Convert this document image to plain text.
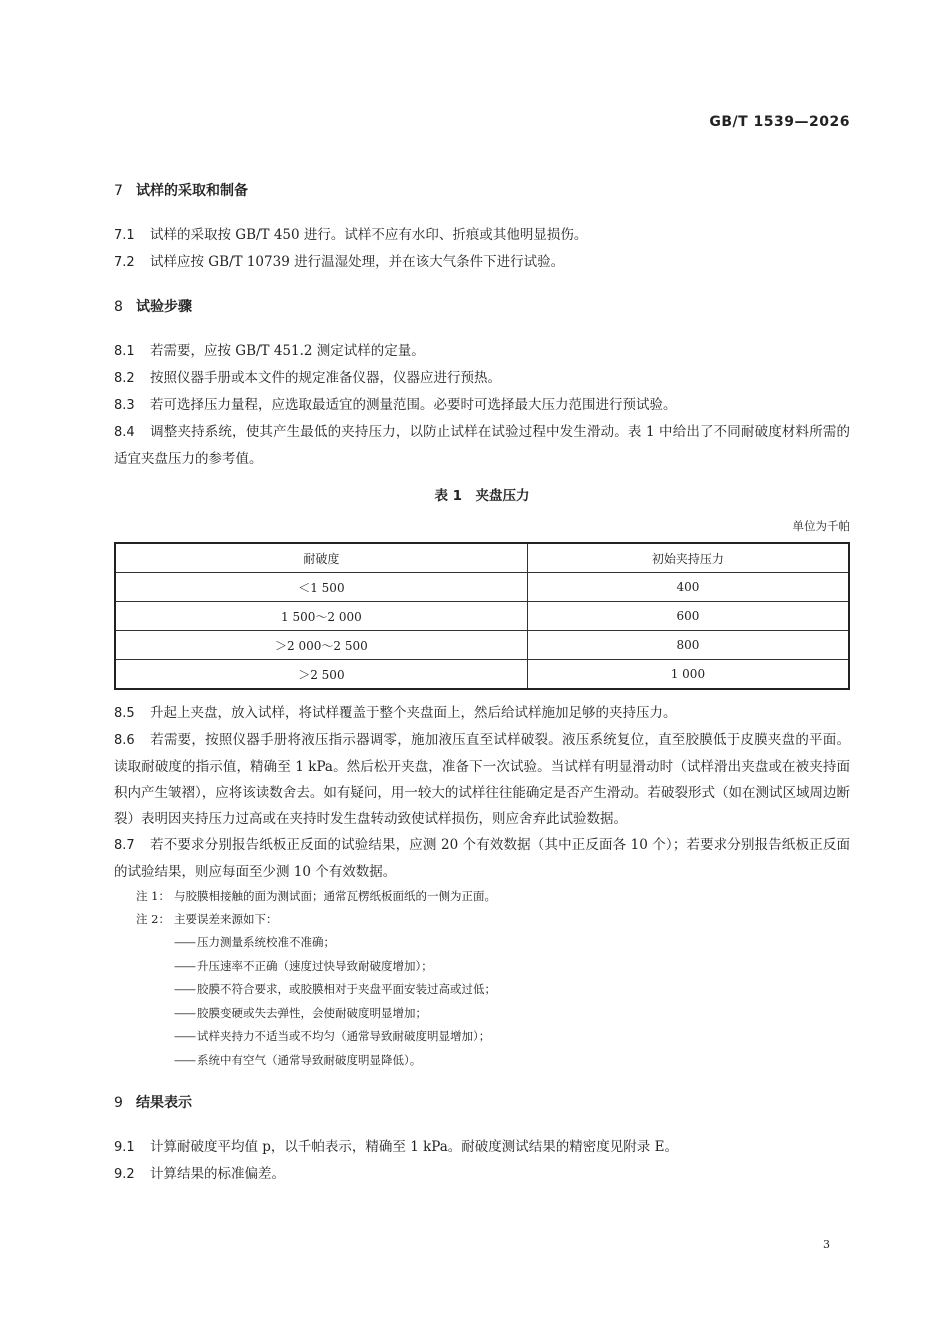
GB/T 1539—2026
7 试样的采取和制备

7.1 试样的采取按 GB/T 450 进行。试样不应有水印、折痕或其他明显损伤。

7.2 试样应按 GB/T 10739 进行温湿处理，并在该大气条件下进行试验。

8 试验步骤

8.1 若需要，应按 GB/T 451.2 测定试样的定量。

8.2 按照仪器手册或本文件的规定准备仪器，仪器应进行预热。

8.3 若可选择压力量程，应选取最适宜的测量范围。必要时可选择最大压力范围进行预试验。

8.4 调整夹持系统，使其产生最低的夹持压力，以防止试样在试验过程中发生滑动。表 1 中给出了不同耐破度材料所需的适宜夹盘压力的参考值。

表 1　夹盘压力
单位为千帕
耐破度	初始夹持压力
＜1 500	400
1 500～2 000	600
＞2 000～2 500	800
＞2 500	1 000

8.5 升起上夹盘，放入试样，将试样覆盖于整个夹盘面上，然后给试样施加足够的夹持压力。

8.6 若需要，按照仪器手册将液压指示器调零，施加液压直至试样破裂。液压系统复位，直至胶膜低于皮膜夹盘的平面。读取耐破度的指示值，精确至 1 kPa。然后松开夹盘，准备下一次试验。当试样有明显滑动时（试样滑出夹盘或在被夹持面积内产生皱褶），应将该读数舍去。如有疑问，用一较大的试样往往能确定是否产生滑动。若破裂形式（如在测试区域周边断裂）表明因夹持压力过高或在夹持时发生盘转动致使试样损伤，则应舍弃此试验数据。

8.7 若不要求分别报告纸板正反面的试验结果，应测 20 个有效数据（其中正反面各 10 个）；若要求分别报告纸板正反面的试验结果，则应每面至少测 10 个有效数据。

注 1： 与胶膜相接触的面为测试面；通常瓦楞纸板面纸的一侧为正面。

注 2： 主要误差来源如下：

—— 压力测量系统校准不准确；
—— 升压速率不正确（速度过快导致耐破度增加）；
—— 胶膜不符合要求，或胶膜相对于夹盘平面安装过高或过低；
—— 胶膜变硬或失去弹性，会使耐破度明显增加；
—— 试样夹持力不适当或不均匀（通常导致耐破度明显增加）；
—— 系统中有空气（通常导致耐破度明显降低）。
9 结果表示

9.1 计算耐破度平均值 p，以千帕表示，精确至 1 kPa。耐破度测试结果的精密度见附录 E。

9.2 计算结果的标准偏差。

3
